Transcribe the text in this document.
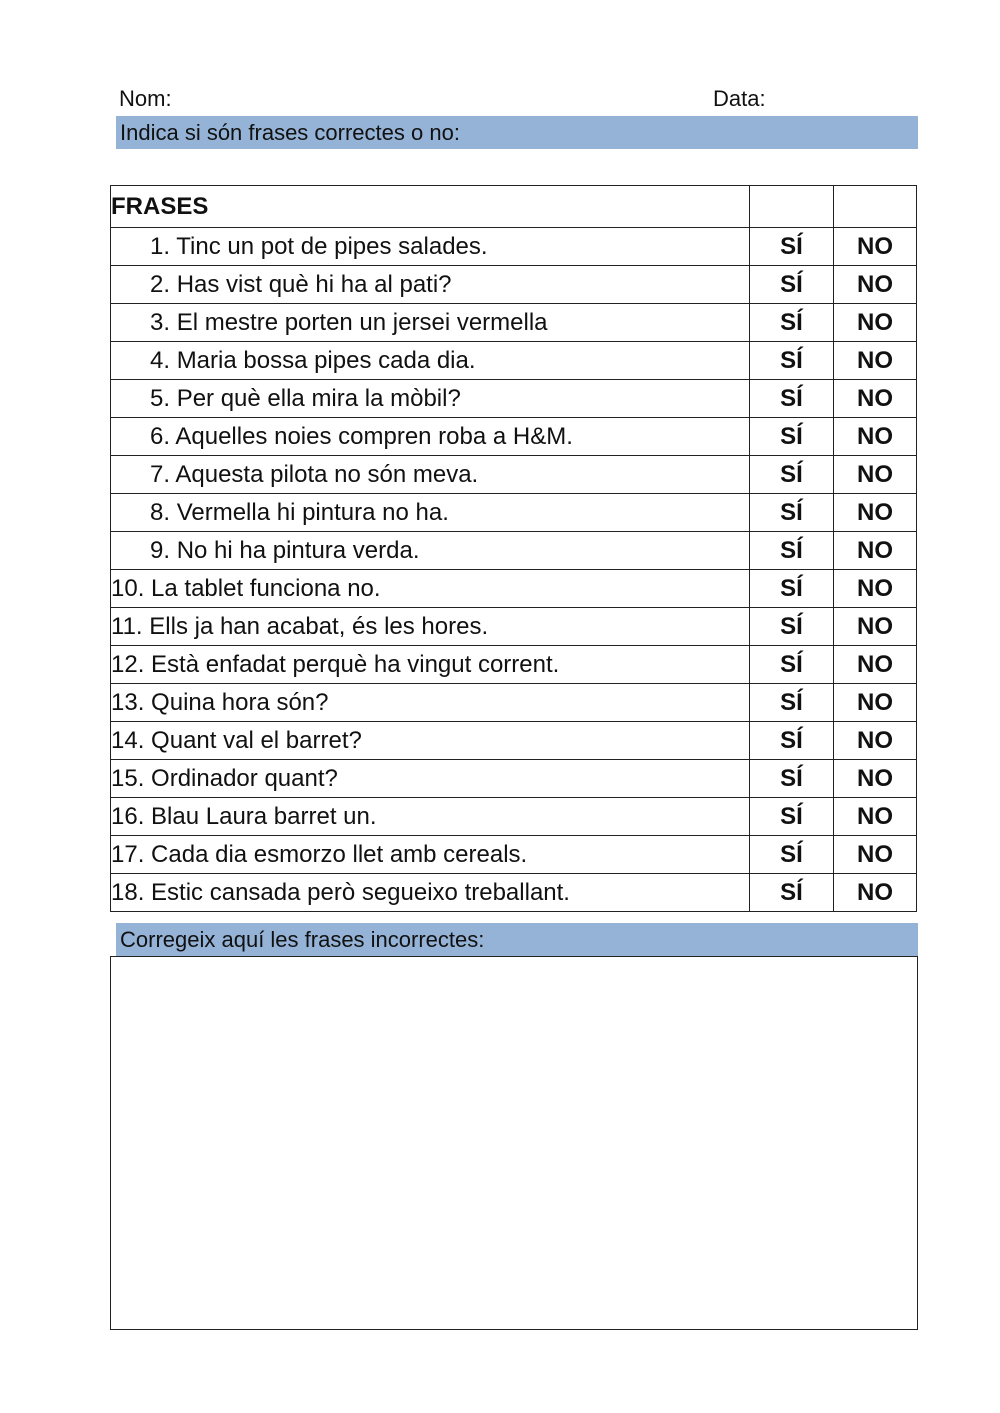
Nom:	Data:
Indica si són frases correctes o no:
FRASES		
1. Tinc un pot de pipes salades.	SÍ	NO
2. Has vist què hi ha al pati?	SÍ	NO
3. El mestre porten un jersei vermella	SÍ	NO
4. Maria bossa pipes cada dia.	SÍ	NO
5. Per què ella mira la mòbil?	SÍ	NO
6. Aquelles noies compren roba a H&M.	SÍ	NO
7. Aquesta pilota no són meva.	SÍ	NO
8. Vermella hi pintura no ha.	SÍ	NO
9. No hi ha pintura verda.	SÍ	NO
10. La tablet funciona no.	SÍ	NO
11. Ells ja han acabat, és les hores.	SÍ	NO
12. Està enfadat perquè ha vingut corrent.	SÍ	NO
13. Quina hora són?	SÍ	NO
14. Quant val el barret?	SÍ	NO
15. Ordinador quant?	SÍ	NO
16. Blau Laura barret un.	SÍ	NO
17. Cada dia esmorzo llet amb cereals.	SÍ	NO
18. Estic cansada però segueixo treballant.	SÍ	NO
Corregeix aquí les frases incorrectes:
